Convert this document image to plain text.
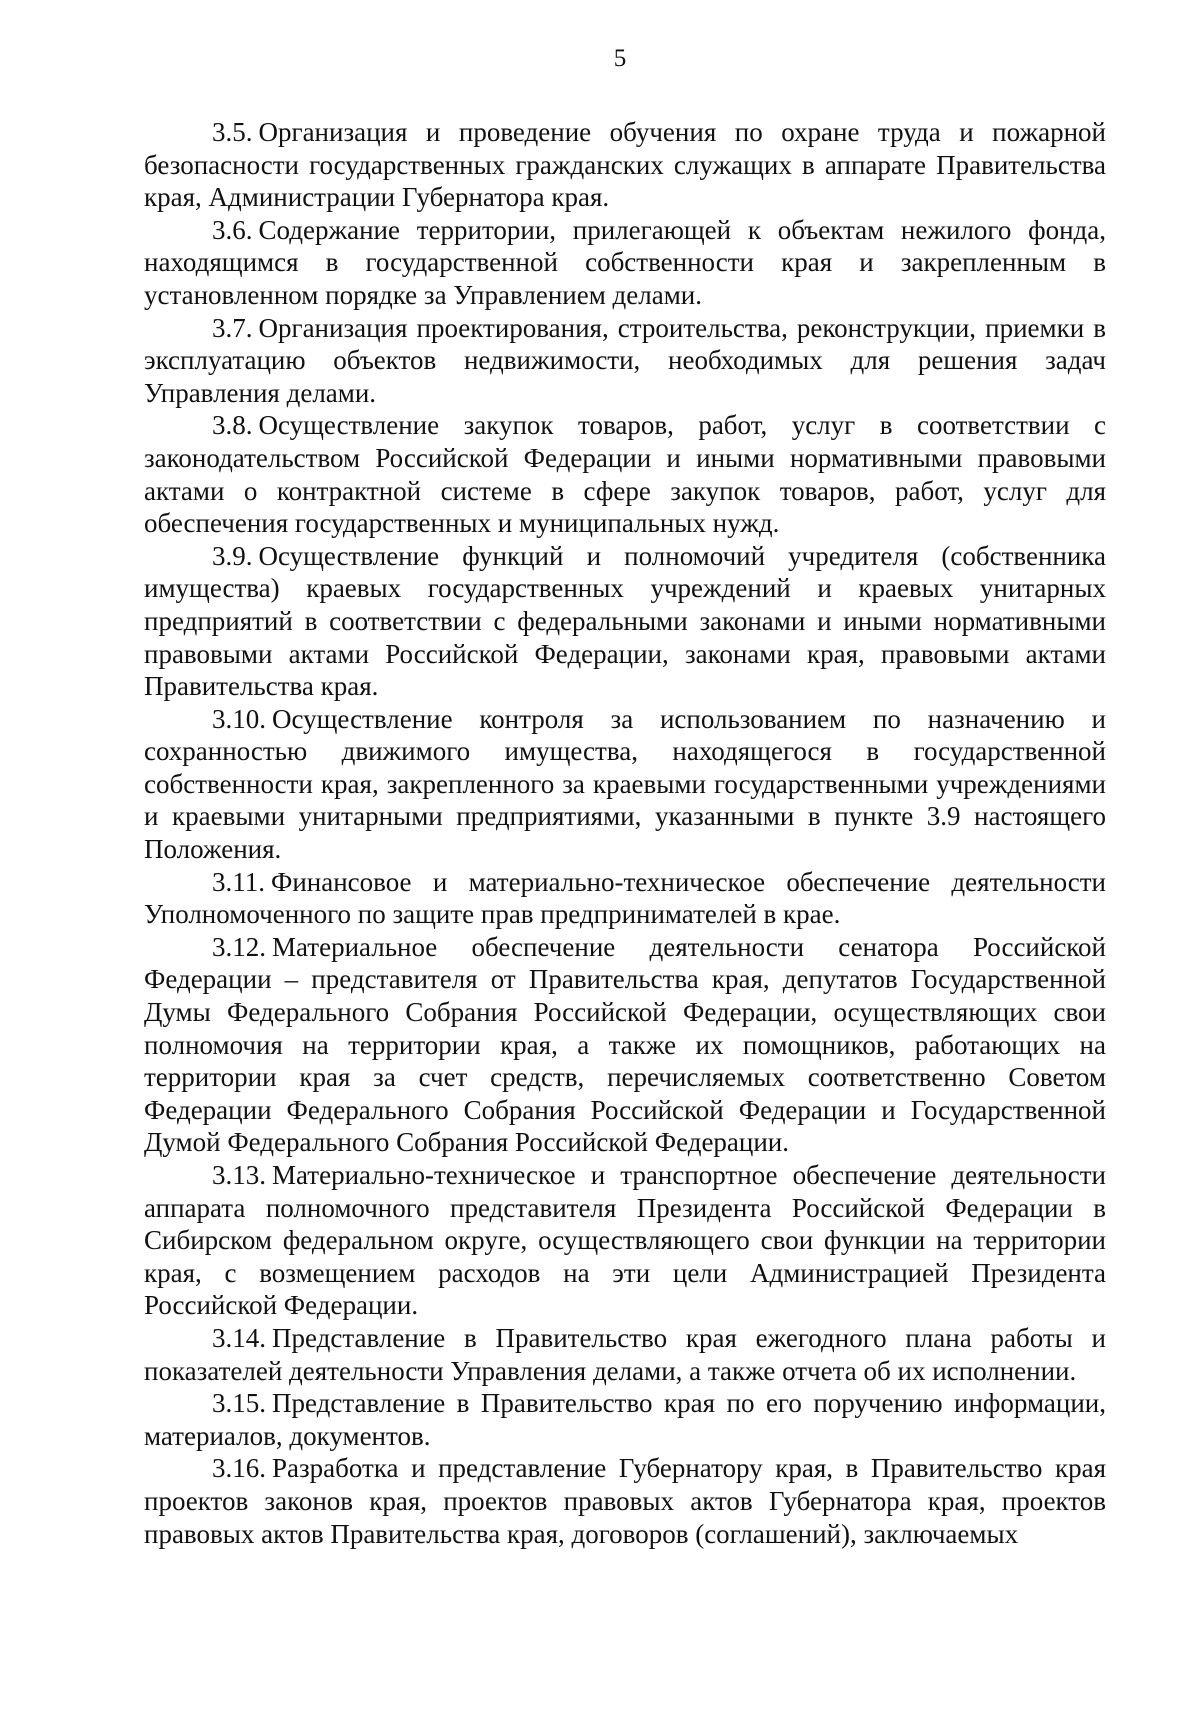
5

3.5. Организация и проведение обучения по охране труда и пожарной безопасности государственных гражданских служащих в аппарате Правительства края, Администрации Губернатора края.

3.6. Содержание территории, прилегающей к объектам нежилого фонда, находящимся в государственной собственности края и закрепленным в установленном порядке за Управлением делами.

3.7. Организация проектирования, строительства, реконструкции, приемки в эксплуатацию объектов недвижимости, необходимых для решения задач Управления делами.

3.8. Осуществление закупок товаров, работ, услуг в соответствии с законодательством Российской Федерации и иными нормативными правовыми актами о контрактной системе в сфере закупок товаров, работ, услуг для обеспечения государственных и муниципальных нужд.

3.9. Осуществление функций и полномочий учредителя (собственника имущества) краевых государственных учреждений и краевых унитарных предприятий в соответствии с федеральными законами и иными нормативными правовыми актами Российской Федерации, законами края, правовыми актами Правительства края.

3.10. Осуществление контроля за использованием по назначению и сохранностью движимого имущества, находящегося в государственной собственности края, закрепленного за краевыми государственными учреждениями и краевыми унитарными предприятиями, указанными в пункте 3.9 настоящего Положения.

3.11. Финансовое и материально-техническое обеспечение деятельности Уполномоченного по защите прав предпринимателей в крае.

3.12. Материальное обеспечение деятельности сенатора Российской Федерации – представителя от Правительства края, депутатов Государственной Думы Федерального Собрания Российской Федерации, осуществляющих свои полномочия на территории края, а также их помощников, работающих на территории края за счет средств, перечисляемых соответственно Советом Федерации Федерального Собрания Российской Федерации и Государственной Думой Федерального Собрания Российской Федерации.

3.13. Материально-техническое и транспортное обеспечение деятельности аппарата полномочного представителя Президента Российской Федерации в Сибирском федеральном округе, осуществляющего свои функции на территории края, с возмещением расходов на эти цели Администрацией Президента Российской Федерации.

3.14. Представление в Правительство края ежегодного плана работы и показателей деятельности Управления делами, а также отчета об их исполнении.

3.15. Представление в Правительство края по его поручению информации, материалов, документов.

3.16. Разработка и представление Губернатору края, в Правительство края проектов законов края, проектов правовых актов Губернатора края, проектов правовых актов Правительства края, договоров (соглашений), заключаемых
